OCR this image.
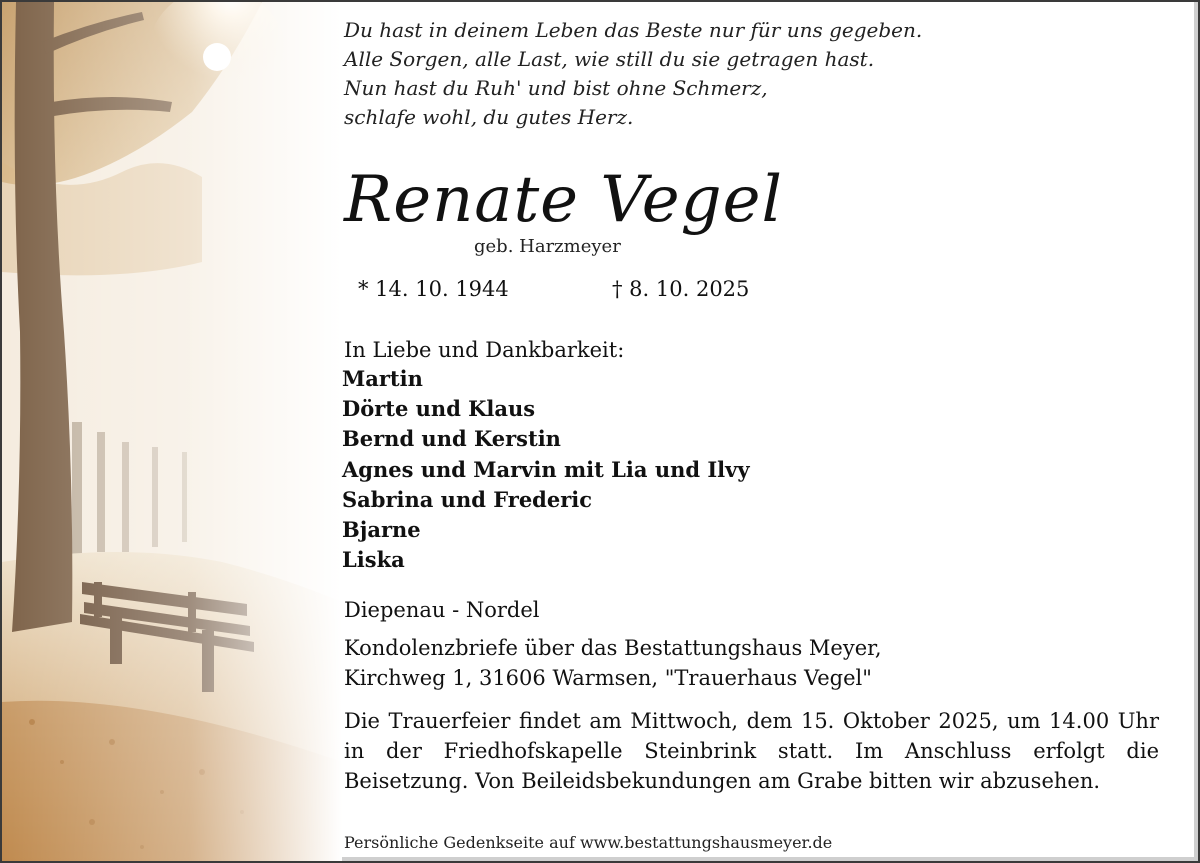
Du hast in deinem Leben das Beste nur für uns gegeben.
Alle Sorgen, alle Last, wie still du sie getragen hast.
Nun hast du Ruh' und bist ohne Schmerz,
schlafe wohl, du gutes Herz.
Renate Vegel
geb. Harzmeyer
* 14. 10. 1944	† 8. 10. 2025
In Liebe und Dankbarkeit:
Martin
Dörte und Klaus
Bernd und Kerstin
Agnes und Marvin mit Lia und Ilvy
Sabrina und Frederic
Bjarne
Liska
Diepenau - Nordel
Kondolenzbriefe über das Bestattungshaus Meyer,
Kirchweg 1, 31606 Warmsen, "Trauerhaus Vegel"

Die Trauerfeier findet am Mittwoch, dem 15. Oktober 2025, um 14.00 Uhr in der Friedhofskapelle Steinbrink statt. Im Anschluss erfolgt die Beisetzung. Von Beileidsbekundungen am Grabe bitten wir abzusehen.

Persönliche Gedenkseite auf www.bestattungshausmeyer.de
